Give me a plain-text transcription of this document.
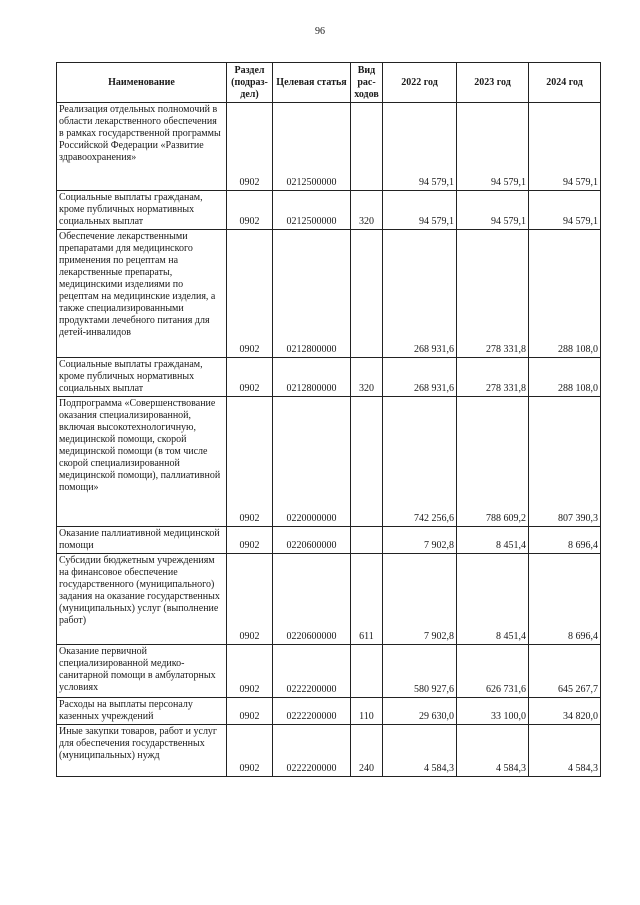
96
Наименование	Раздел (подраз-дел)	Целевая статья	Вид рас-ходов	2022 год	2023 год	2024 год
Реализация отдельных полномочий в области лекарственного обеспечения в рамках государственной программы Российской Федерации «Развитие здравоохранения»	0902	0212500000		94 579,1	94 579,1	94 579,1
Социальные выплаты гражданам, кроме публичных нормативных социальных выплат	0902	0212500000	320	94 579,1	94 579,1	94 579,1
Обеспечение лекарственными препаратами для медицинского применения по рецептам на лекарственные препараты, медицинскими изделиями по рецептам на медицинские изделия, а также специализированными продуктами лечебного питания для детей-инвалидов	0902	0212800000		268 931,6	278 331,8	288 108,0
Социальные выплаты гражданам, кроме публичных нормативных социальных выплат	0902	0212800000	320	268 931,6	278 331,8	288 108,0
Подпрограмма «Совершенствование оказания специализированной, включая высокотехнологичную, медицинской помощи, скорой медицинской помощи (в том числе скорой специализированной медицинской помощи), паллиативной помощи»	0902	0220000000		742 256,6	788 609,2	807 390,3
Оказание паллиативной медицинской помощи	0902	0220600000		7 902,8	8 451,4	8 696,4
Субсидии бюджетным учреждениям на финансовое обеспечение государственного (муниципального) задания на оказание государственных (муниципальных) услуг (выполнение работ)	0902	0220600000	611	7 902,8	8 451,4	8 696,4
Оказание первичной специализированной медико-санитарной помощи в амбулаторных условиях	0902	0222200000		580 927,6	626 731,6	645 267,7
Расходы на выплаты персоналу казенных учреждений	0902	0222200000	110	29 630,0	33 100,0	34 820,0
Иные закупки товаров, работ и услуг для обеспечения государственных (муниципальных) нужд	0902	0222200000	240	4 584,3	4 584,3	4 584,3
